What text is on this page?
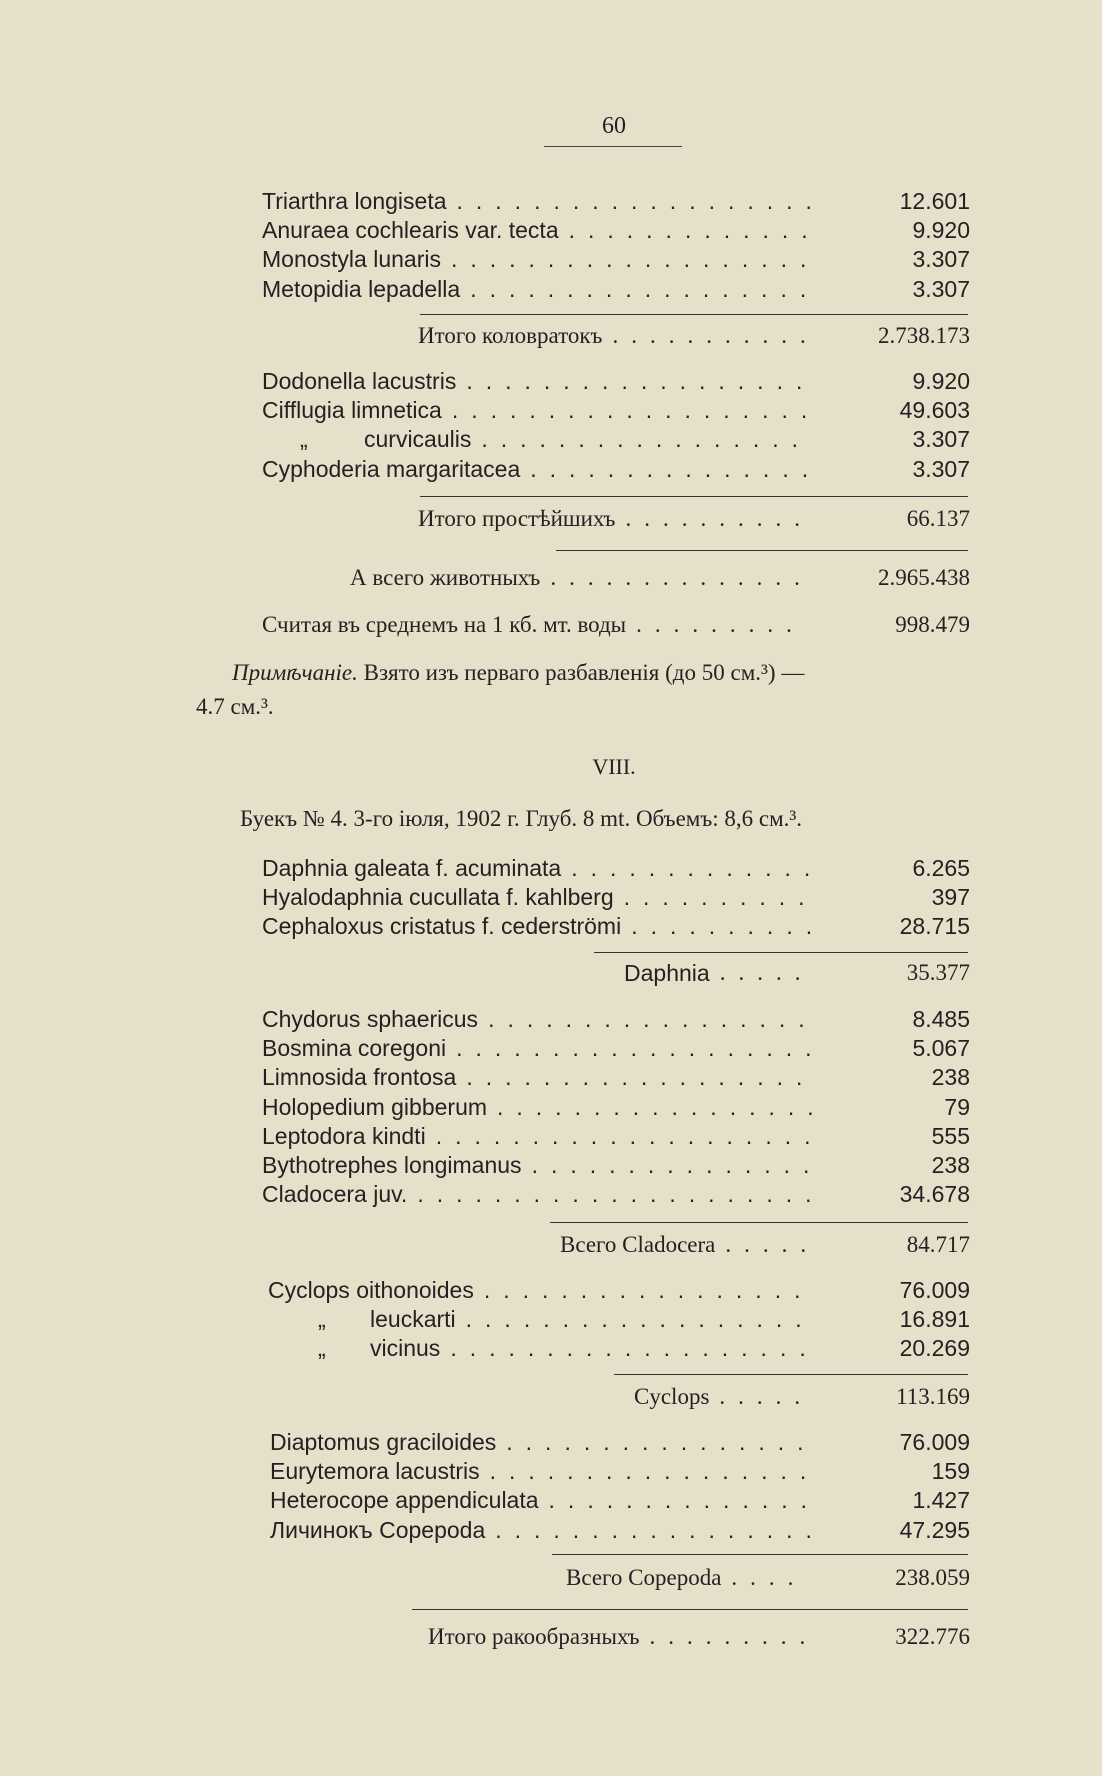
60
Triarthra longiseta	12.601
...................
Anuraea cochlearis var. tecta	9.920
.............
Monostyla lunaris	3.307
...................
Metopidia lepadella	3.307
..................
Итого коловратокъ	2.738.173
...........
Dodonella lacustris	9.920
..................
Cifflugia limnetica	49.603
...................
„ curvicaulis	3.307
.................
Cyphoderia margaritacea	3.307
...............
Итого простѣйшихъ	66.137
..........
А всего животныхъ	2.965.438
..............
Считая въ среднемъ на 1 кб. мт. воды	998.479
.........
Примѣчаніе. Взято изъ перваго разбавленія (до 50 см.³) —
4.7 см.³.
VIII.
Буекъ № 4. 3-го іюля, 1902 г. Глуб. 8 mt. Объемъ: 8,6 см.³.
Daphnia galeata f. acuminata	6.265
.............
Hyalodaphnia cucullata f. kahlberg	397
..........
Cephaloxus cristatus f. cederströmi	28.715
..........
Daphnia	35.377
.....
Chydorus sphaericus	8.485
.................
Bosmina coregoni	5.067
...................
Limnosida frontosa	238
..................
Holopedium gibberum	79
.................
Leptodora kindti	555
....................
Bythotrephes longimanus	238
...............
Cladocera juv.	34.678
.....................
Всего Cladocera	84.717
.....
Cyclops oithonoides	76.009
.................
„ leuckarti	16.891
..................
„ vicinus	20.269
...................
Cyclops	113.169
.....
Diaptomus graciloides	76.009
................
Eurytemora lacustris	159
.................
Heterocope appendiculata	1.427
..............
Личинокъ Copepoda	47.295
.................
Всего Copepoda	238.059
....
Итого ракообразныхъ	322.776
.........
